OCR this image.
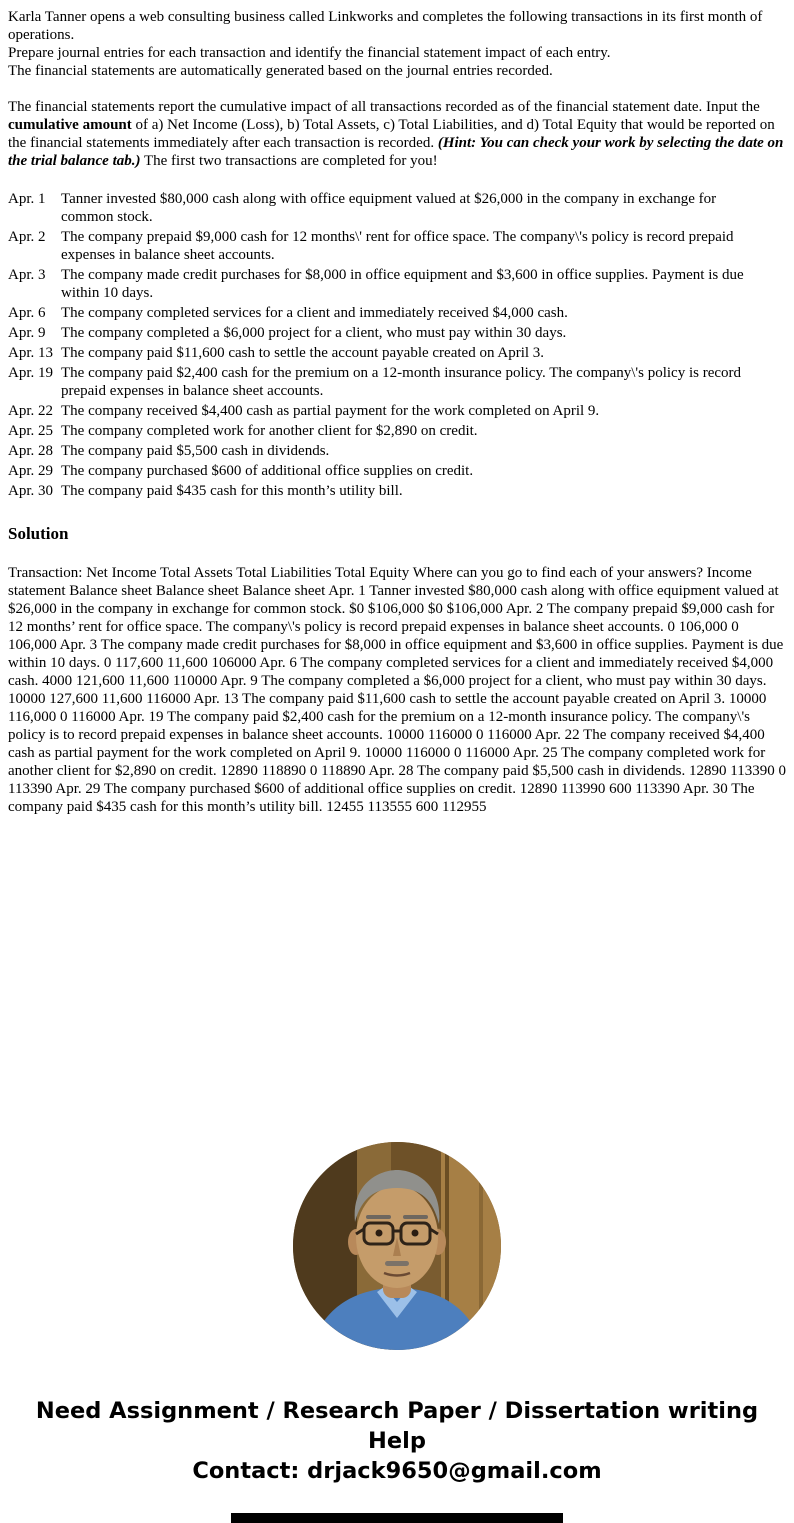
Karla Tanner opens a web consulting business called Linkworks and completes the following transactions in its first month of operations.

Prepare journal entries for each transaction and identify the financial statement impact of each entry.

The financial statements are automatically generated based on the journal entries recorded.

The financial statements report the cumulative impact of all transactions recorded as of the financial statement date. Input the cumulative amount of a) Net Income (Loss), b) Total Assets, c) Total Liabilities, and d) Total Equity that would be reported on the financial statements immediately after each transaction is recorded. (Hint: You can check your work by selecting the date on the trial balance tab.) The first two transactions are completed for you!

Apr. 1	Tanner invested $80,000 cash along with office equipment valued at $26,000 in the company in exchange for common stock.
Apr. 2	The company prepaid $9,000 cash for 12 months\' rent for office space. The company\'s policy is record prepaid expenses in balance sheet accounts.
Apr. 3	The company made credit purchases for $8,000 in office equipment and $3,600 in office supplies. Payment is due within 10 days.
Apr. 6	The company completed services for a client and immediately received $4,000 cash.
Apr. 9	The company completed a $6,000 project for a client, who must pay within 30 days.
Apr. 13 The company paid $11,600 cash to settle the account payable created on April 3.
Apr. 19 The company paid $2,400 cash for the premium on a 12-month insurance policy. The company\'s policy is record prepaid expenses in balance sheet accounts.
Apr. 22 The company received $4,400 cash as partial payment for the work completed on April 9.
Apr. 25 The company completed work for another client for $2,890 on credit.
Apr. 28 The company paid $5,500 cash in dividends.
Apr. 29 The company purchased $600 of additional office supplies on credit.
Apr. 30 The company paid $435 cash for this month’s utility bill.
Solution

Transaction: Net Income Total Assets Total Liabilities Total Equity Where can you go to find each of your answers? Income statement Balance sheet Balance sheet Balance sheet Apr. 1 Tanner invested $80,000 cash along with office equipment valued at $26,000 in the company in exchange for common stock. $0 $106,000 $0 $106,000 Apr. 2 The company prepaid $9,000 cash for 12 months’ rent for office space. The company\'s policy is record prepaid expenses in balance sheet accounts. 0 106,000 0 106,000 Apr. 3 The company made credit purchases for $8,000 in office equipment and $3,600 in office supplies. Payment is due within 10 days. 0 117,600 11,600 106000 Apr. 6 The company completed services for a client and immediately received $4,000 cash. 4000 121,600 11,600 110000 Apr. 9 The company completed a $6,000 project for a client, who must pay within 30 days. 10000 127,600 11,600 116000 Apr. 13 The company paid $11,600 cash to settle the account payable created on April 3. 10000 116,000 0 116000 Apr. 19 The company paid $2,400 cash for the premium on a 12-month insurance policy. The company\'s policy is to record prepaid expenses in balance sheet accounts. 10000 116000 0 116000 Apr. 22 The company received $4,400 cash as partial payment for the work completed on April 9. 10000 116000 0 116000 Apr. 25 The company completed work for another client for $2,890 on credit. 12890 118890 0 118890 Apr. 28 The company paid $5,500 cash in dividends. 12890 113390 0 113390 Apr. 29 The company purchased $600 of additional office supplies on credit. 12890 113990 600 113390 Apr. 30 The company paid $435 cash for this month’s utility bill. 12455 113555 600 112955

Need Assignment / Research Paper / Dissertation writing Help
Contact: drjack9650@gmail.com
